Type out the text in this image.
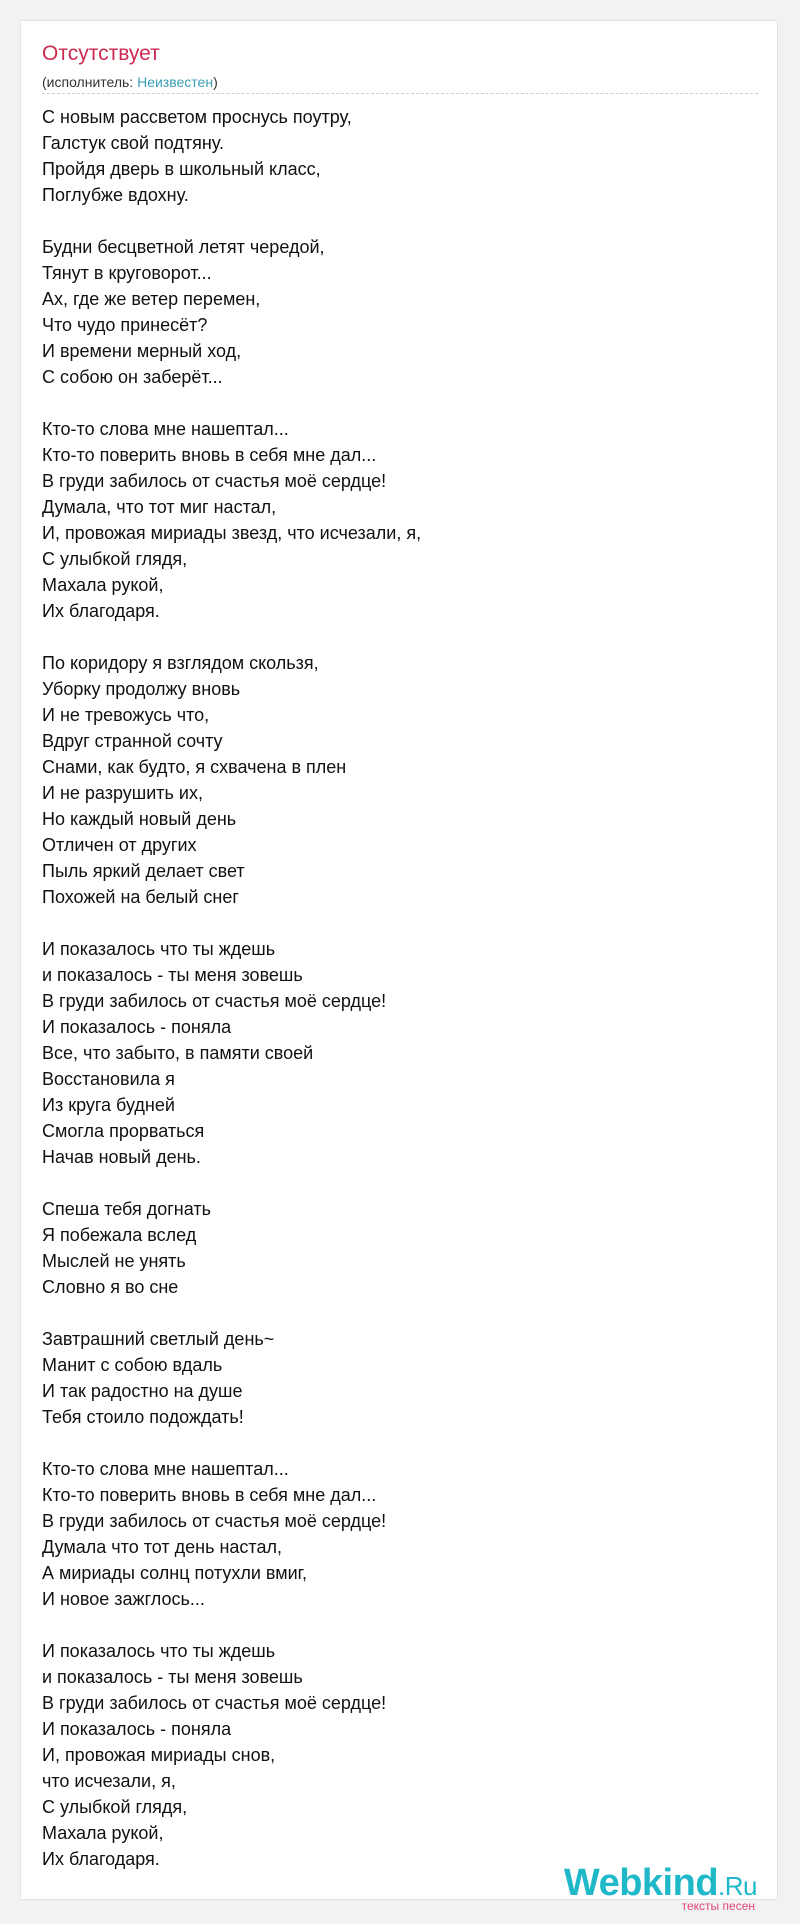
Отсутствует
(исполнитель: Неизвестен)
С новым рассветом проснусь поутру,
Галстук свой подтяну.
Пройдя дверь в школьный класс,
Поглубже вдохну.
Будни бесцветной летят чередой,
Тянут в круговорот...
Ах, где же ветер перемен,
Что чудо принесёт?
И времени мерный ход,
С собою он заберёт...
Кто-то слова мне нашептал...
Кто-то поверить вновь в себя мне дал...
В груди забилось от счастья моё сердце!
Думала, что тот миг настал,
И, провожая мириады звезд, что исчезали, я,
С улыбкой глядя,
Махала рукой,
Их благодаря.
По коридору я взглядом скользя,
Уборку продолжу вновь
И не тревожусь что,
Вдруг странной сочту
Снами, как будто, я схвачена в плен
И не разрушить их,
Но каждый новый день
Отличен от других
Пыль яркий делает свет
Похожей на белый снег
И показалось что ты ждешь
и показалось - ты меня зовешь
В груди забилось от счастья моё сердце!
И показалось - поняла
Все, что забыто, в памяти своей
Восстановила я
Из круга будней
Смогла прорваться
Начав новый день.
Спеша тебя догнать
Я побежала вслед
Мыслей не унять
Словно я во сне
Завтрашний светлый день~
Манит с собою вдаль
И так радостно на душе
Тебя стоило подождать!
Кто-то слова мне нашептал...
Кто-то поверить вновь в себя мне дал...
В груди забилось от счастья моё сердце!
Думала что тот день настал,
А мириады солнц потухли вмиг,
И новое зажглось...
И показалось что ты ждешь
и показалось - ты меня зовешь
В груди забилось от счастья моё сердце!
И показалось - поняла
И, провожая мириады снов,
что исчезали, я,
С улыбкой глядя,
Махала рукой,
Их благодаря.
Webkind.Ru
тексты песен
